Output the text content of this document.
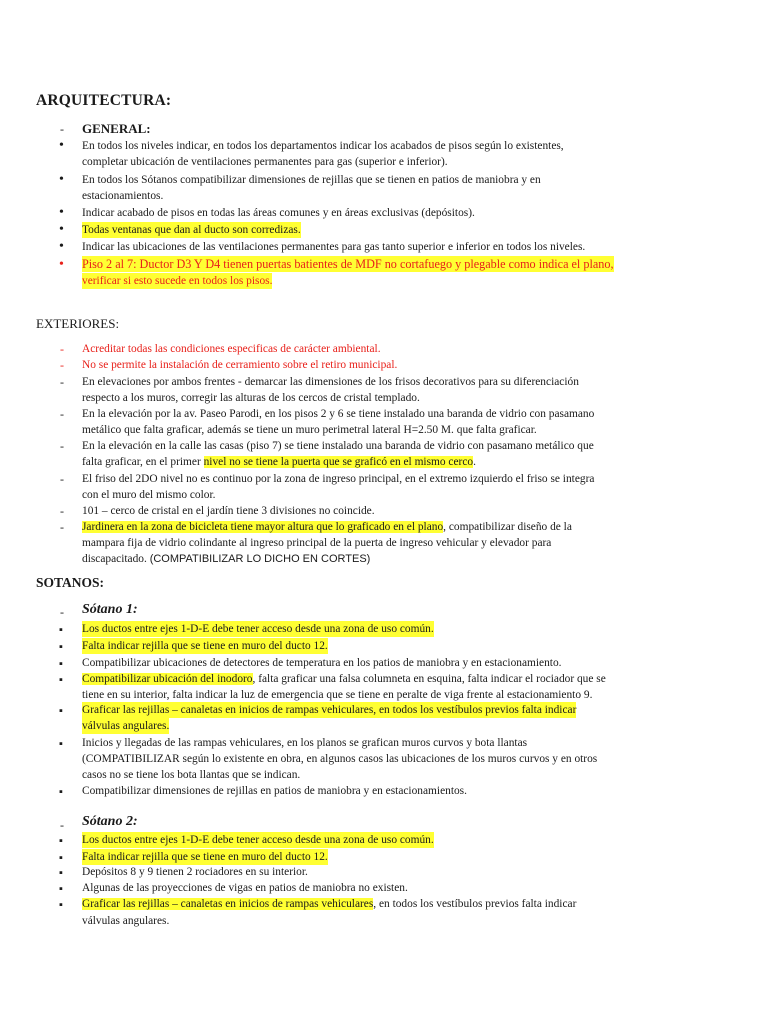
ARQUITECTURA:
-
GENERAL:
•
En todos los niveles indicar, en todos los departamentos indicar los acabados de pisos según lo existentes,
completar ubicación de ventilaciones permanentes para gas (superior e inferior).
•
En todos los Sótanos compatibilizar dimensiones de rejillas que se tienen en patios de maniobra y en
estacionamientos.
•
Indicar acabado de pisos en todas las áreas comunes y en áreas exclusivas (depósitos).
•
Todas ventanas que dan al ducto son corredizas.
•
Indicar las ubicaciones de las ventilaciones permanentes para gas tanto superior e inferior en todos los niveles.
•
Piso 2 al 7: Ductor D3 Y D4 tienen puertas batientes de MDF no cortafuego y plegable como indica el plano,
verificar si esto sucede en todos los pisos.
EXTERIORES:
-
Acreditar todas las condiciones especificas de carácter ambiental.
-
No se permite la instalación de cerramiento sobre el retiro municipal.
-
En elevaciones por ambos frentes - demarcar las dimensiones de los frisos decorativos para su diferenciación
respecto a los muros, corregir las alturas de los cercos de cristal templado.
-
En la elevación por la av. Paseo Parodi, en los pisos 2 y 6 se tiene instalado una baranda de vidrio con pasamano
metálico que falta graficar, además se tiene un muro perimetral lateral H=2.50 M. que falta graficar.
-
En la elevación en la calle las casas (piso 7) se tiene instalado una baranda de vidrio con pasamano metálico que
falta graficar, en el primer nivel no se tiene la puerta que se graficó en el mismo cerco.
-
El friso del 2DO nivel no es continuo por la zona de ingreso principal, en el extremo izquierdo el friso se integra
con el muro del mismo color.
-
101 – cerco de cristal en el jardín tiene 3 divisiones no coincide.
-
Jardinera en la zona de bicicleta tiene mayor altura que lo graficado en el plano, compatibilizar diseño de la
mampara fija de vidrio colindante al ingreso principal de la puerta de ingreso vehicular y elevador para
discapacitado. (COMPATIBILIZAR LO DICHO EN CORTES)
SOTANOS:
-
Sótano 1:
▪
Los ductos entre ejes 1-D-E debe tener acceso desde una zona de uso común.
▪
Falta indicar rejilla que se tiene en muro del ducto 12.
▪
Compatibilizar ubicaciones de detectores de temperatura en los patios de maniobra y en estacionamiento.
▪
Compatibilizar ubicación del inodoro, falta graficar una falsa columneta en esquina, falta indicar el rociador que se
tiene en su interior, falta indicar la luz de emergencia que se tiene en peralte de viga frente al estacionamiento 9.
▪
Graficar las rejillas – canaletas en inicios de rampas vehiculares, en todos los vestíbulos previos falta indicar
válvulas angulares.
▪
Inicios y llegadas de las rampas vehiculares, en los planos se grafican muros curvos y bota llantas
(COMPATIBILIZAR según lo existente en obra, en algunos casos las ubicaciones de los muros curvos y en otros
casos no se tiene los bota llantas que se indican.
▪
Compatibilizar dimensiones de rejillas en patios de maniobra y en estacionamientos.
-
Sótano 2:
▪
Los ductos entre ejes 1-D-E debe tener acceso desde una zona de uso común.
▪
Falta indicar rejilla que se tiene en muro del ducto 12.
▪
Depósitos 8 y 9 tienen 2 rociadores en su interior.
▪
Algunas de las proyecciones de vigas en patios de maniobra no existen.
▪
Graficar las rejillas – canaletas en inicios de rampas vehiculares, en todos los vestíbulos previos falta indicar
válvulas angulares.
